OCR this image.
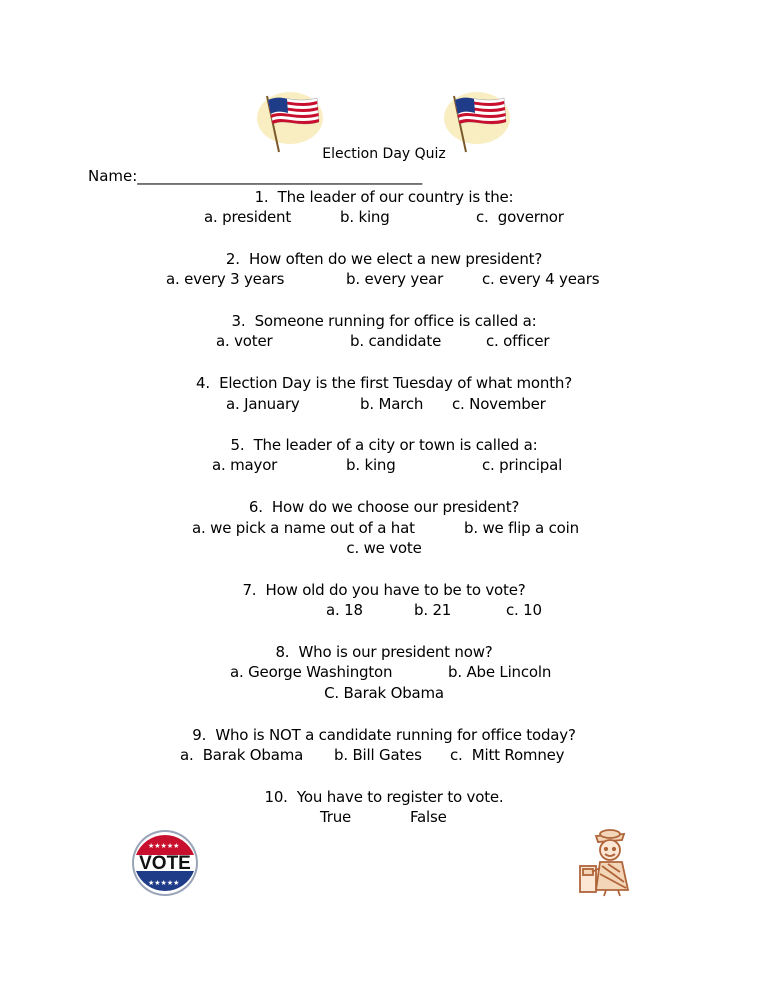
Election Day Quiz
Name:______________________________________
1.  The leader of our country is the:

a. president

	b. king

	c.  governor

2.  How often do we elect a new president?

a. every 3 years

	b. every year

	c. every 4 years

3.  Someone running for office is called a:

a. voter

	b. candidate

	c. officer

4.  Election Day is the first Tuesday of what month?

a. January

	b. March

c. November

5.  The leader of a city or town is called a:

a. mayor

	b. king

	c. principal

6.  How do we choose our president?

a. we pick a name out of a hat

	b. we flip a coin

c. we vote
7.  How old do you have to be to vote?

a. 18

	b. 21

	c. 10

8.  Who is our president now?

a. George Washington

	b. Abe Lincoln

C. Barak Obama
9.  Who is NOT a candidate running for office today?

a.  Barak Obama

b. Bill Gates

c.  Mitt Romney

10.  You have to register to vote.

True

	False

★★★★★
★★★★★
VOTE
